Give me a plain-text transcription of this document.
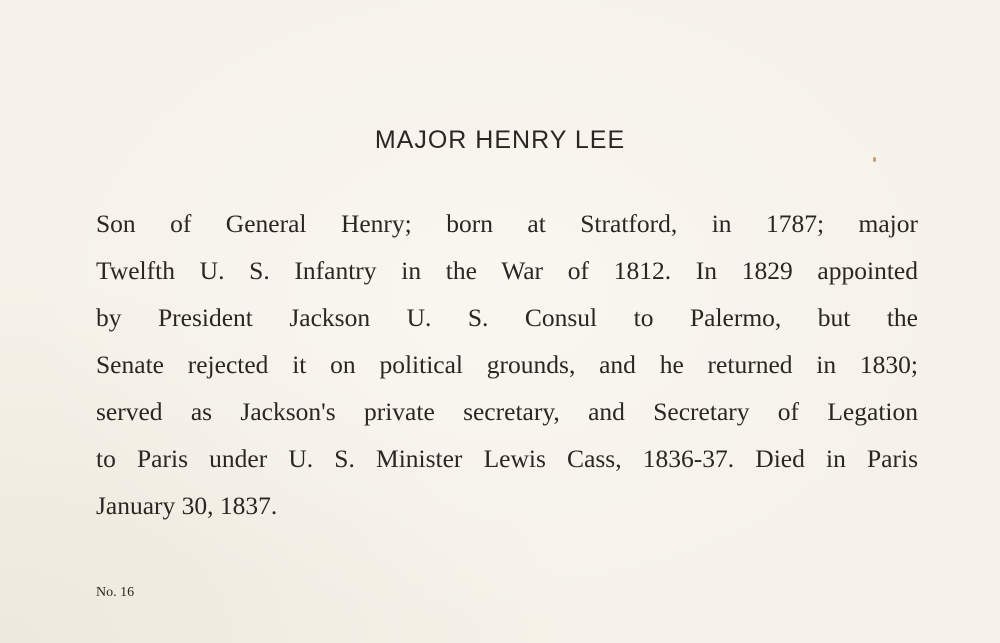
MAJOR HENRY LEE

Son of General Henry; born at Stratford, in 1787; major
Twelfth U. S. Infantry in the War of 1812. In 1829 appointed
by President Jackson U. S. Consul to Palermo, but the
Senate rejected it on political grounds, and he returned in 1830;
served as Jackson's private secretary, and Secretary of Legation
to Paris under U. S. Minister Lewis Cass, 1836-37. Died in Paris
January 30, 1837.

No. 16
